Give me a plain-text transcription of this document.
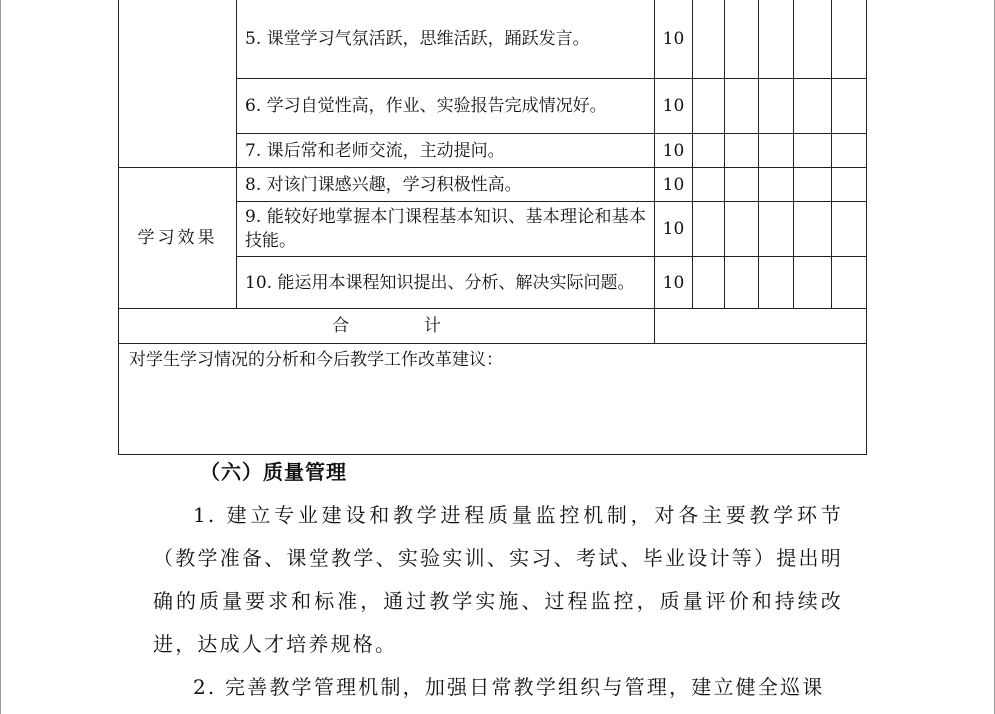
	5. 课堂学习气氛活跃，思维活跃，踊跃发言。	10					
	6. 学习自觉性高，作业、实验报告完成情况好。	10					
	7. 课后常和老师交流，主动提问。	10					
学习效果	8. 对该门课感兴趣，学习积极性高。	10					
	9. 能较好地掌握本门课程基本知识、基本理论和基本技能。	10					
	10. 能运用本课程知识提出、分析、解决实际问题。	10					
合 计							
对学生学习情况的分析和今后教学工作改革建议：							
（六）质量管理
1. 建立专业建设和教学进程质量监控机制，对各主要教学环节（教学准备、课堂教学、实验实训、实习、考试、毕业设计等）提出明确的质量要求和标准，通过教学实施、过程监控，质量评价和持续改进，达成人才培养规格。
2. 完善教学管理机制，加强日常教学组织与管理，建立健全巡课
